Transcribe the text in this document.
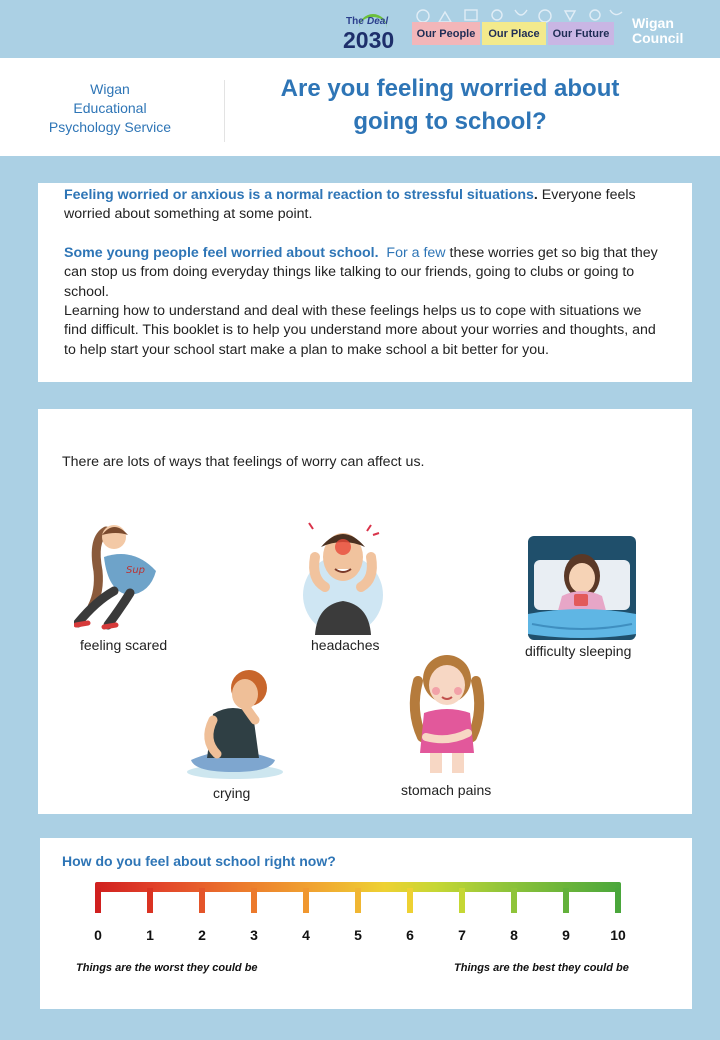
The Deal
2030	Our People	Our Place	Our Future
Wigan
Council
Wigan
Educational
Psychology Service
Are you feeling worried about
going to school?

Feeling worried or anxious is a normal reaction to stressful situations. Everyone feels worried about something at some point.

Some young people feel worried about school. For a few these worries get so big that they can stop us from doing everyday things like talking to our friends, going to clubs or going to school.

Learning how to understand and deal with these feelings helps us to cope with situations we find difficult. This booklet is to help you understand more about your worries and thoughts, and to help start your school start make a plan to make school a bit better for you.

There are lots of ways that feelings of worry can affect us.
Sup
feeling scared	headaches	difficulty sleeping
crying	stomach pains
How do you feel about school right now?
Things are the worst they could be	Things are the best they could be
0	1	2	3	4	5	6	7	8	9	10
